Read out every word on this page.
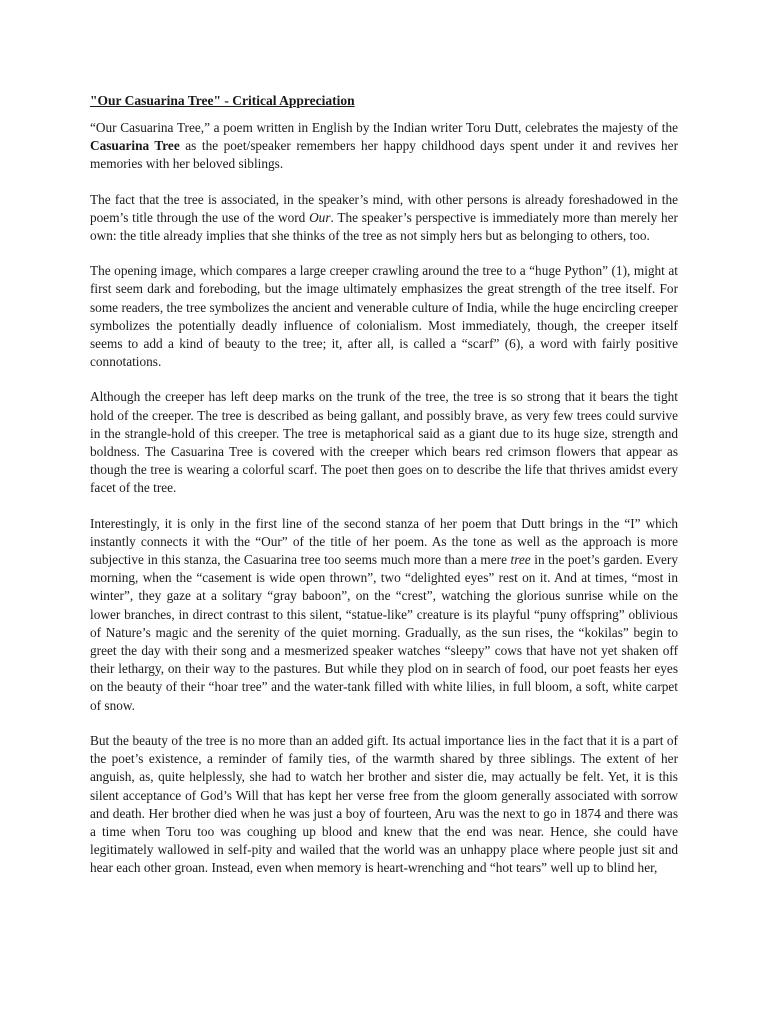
"Our Casuarina Tree" - Critical Appreciation

“Our Casuarina Tree,” a poem written in English by the Indian writer Toru Dutt, celebrates the majesty of the Casuarina Tree as the poet/speaker remembers her happy childhood days spent under it and revives her memories with her beloved siblings.

The fact that the tree is associated, in the speaker’s mind, with other persons is already foreshadowed in the poem’s title through the use of the word Our. The speaker’s perspective is immediately more than merely her own: the title already implies that she thinks of the tree as not simply hers but as belonging to others, too.

The opening image, which compares a large creeper crawling around the tree to a “huge Python” (1), might at first seem dark and foreboding, but the image ultimately emphasizes the great strength of the tree itself. For some readers, the tree symbolizes the ancient and venerable culture of India, while the huge encircling creeper symbolizes the potentially deadly influence of colonialism. Most immediately, though, the creeper itself seems to add a kind of beauty to the tree; it, after all, is called a “scarf” (6), a word with fairly positive connotations.

Although the creeper has left deep marks on the trunk of the tree, the tree is so strong that it bears the tight hold of the creeper. The tree is described as being gallant, and possibly brave, as very few trees could survive in the strangle-hold of this creeper. The tree is metaphorical said as a giant due to its huge size, strength and boldness. The Casuarina Tree is covered with the creeper which bears red crimson flowers that appear as though the tree is wearing a colorful scarf. The poet then goes on to describe the life that thrives amidst every facet of the tree.

Interestingly, it is only in the first line of the second stanza of her poem that Dutt brings in the “I” which instantly connects it with the “Our” of the title of her poem. As the tone as well as the approach is more subjective in this stanza, the Casuarina tree too seems much more than a mere tree in the poet’s garden. Every morning, when the “casement is wide open thrown”, two “delighted eyes” rest on it. And at times, “most in winter”, they gaze at a solitary “gray baboon”, on the “crest”, watching the glorious sunrise while on the lower branches, in direct contrast to this silent, “statue-like” creature is its playful “puny offspring” oblivious of Nature’s magic and the serenity of the quiet morning. Gradually, as the sun rises, the “kokilas” begin to greet the day with their song and a mesmerized speaker watches “sleepy” cows that have not yet shaken off their lethargy, on their way to the pastures. But while they plod on in search of food, our poet feasts her eyes on the beauty of their “hoar tree” and the water-tank filled with white lilies, in full bloom, a soft, white carpet of snow.

But the beauty of the tree is no more than an added gift. Its actual importance lies in the fact that it is a part of the poet’s existence, a reminder of family ties, of the warmth shared by three siblings. The extent of her anguish, as, quite helplessly, she had to watch her brother and sister die, may actually be felt. Yet, it is this silent acceptance of God’s Will that has kept her verse free from the gloom generally associated with sorrow and death. Her brother died when he was just a boy of fourteen, Aru was the next to go in 1874 and there was a time when Toru too was coughing up blood and knew that the end was near. Hence, she could have legitimately wallowed in self-pity and wailed that the world was an unhappy place where people just sit and hear each other groan. Instead, even when memory is heart-wrenching and “hot tears” well up to blind her,
